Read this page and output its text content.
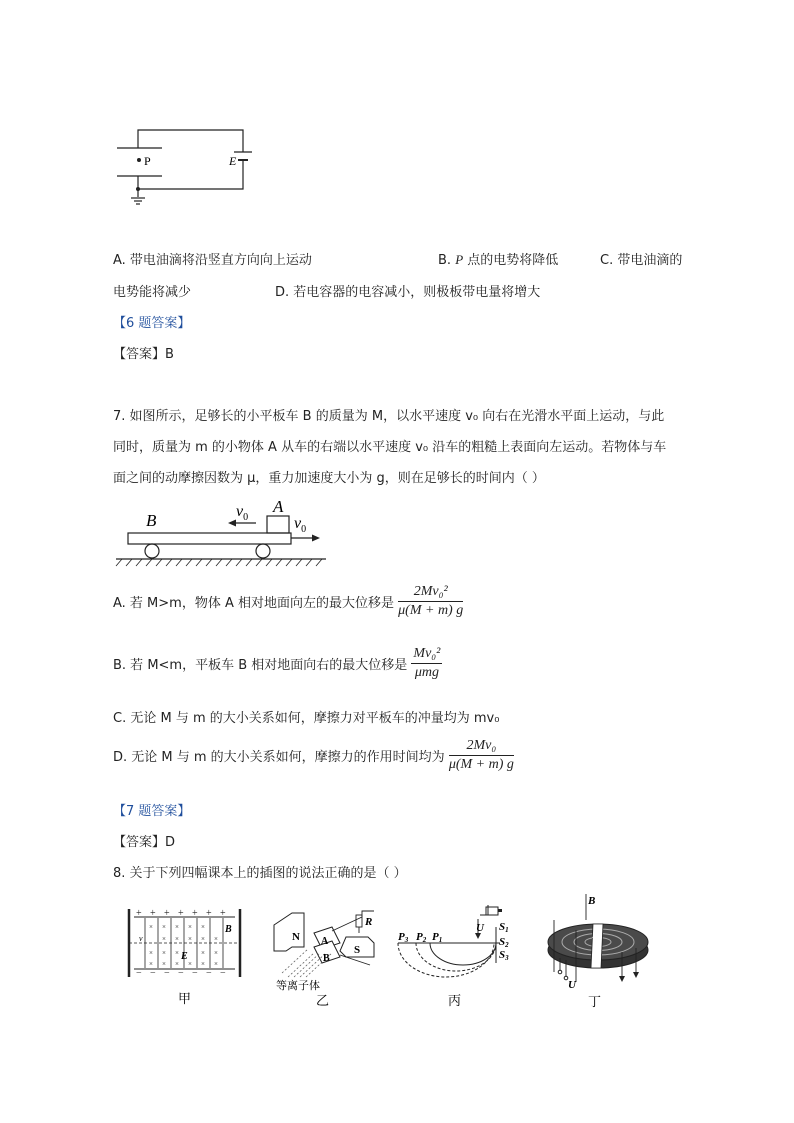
P	E
A. 带电油滴将沿竖直方向向上运动	B. P 点的电势将降低	C. 带电油滴的
电势能将减少	D. 若电容器的电容减小，则极板带电量将增大
【6 题答案】
【答案】B
7. 如图所示，足够长的小平板车 B 的质量为 M，以水平速度 v₀ 向右在光滑水平面上运动，与此
同时，质量为 m 的小物体 A 从车的右端以水平速度 v₀ 沿车的粗糙上表面向左运动。若物体与车
面之间的动摩擦因数为 μ，重力加速度大小为 g，则在足够长的时间内（ ）
B
A
$v_0$	$v_0$
A. 若 M>m，物体 A 相对地面向左的最大位移是 $\frac{\text{2Mv₀²}}{\mu(M + m) g}$
B. 若 M<m，平板车 B 相对地面向右的最大位移是 $\frac{\text{Mv₀²}}{\text{μmg}}$
C. 无论 M 与 m 的大小关系如何，摩擦力对平板车的冲量均为 mv₀
D. 无论 M 与 m 的大小关系如何，摩擦力的作用时间均为 $\frac{\text{2Mv₀}}{\mu(M + m) g}$
【7 题答案】
【答案】D
8. 关于下列四幅课本上的插图的说法正确的是（ ）
+ + + + + + +
− − − − − − −
× × × × ×
× × × × ×
× × ×	× ×
× × × × × ×
B
E
v
甲
R
N
S
A
B
等离子体
乙
P3 P2 P1
U S1
S2
S3
丙
B
A
U
丁
